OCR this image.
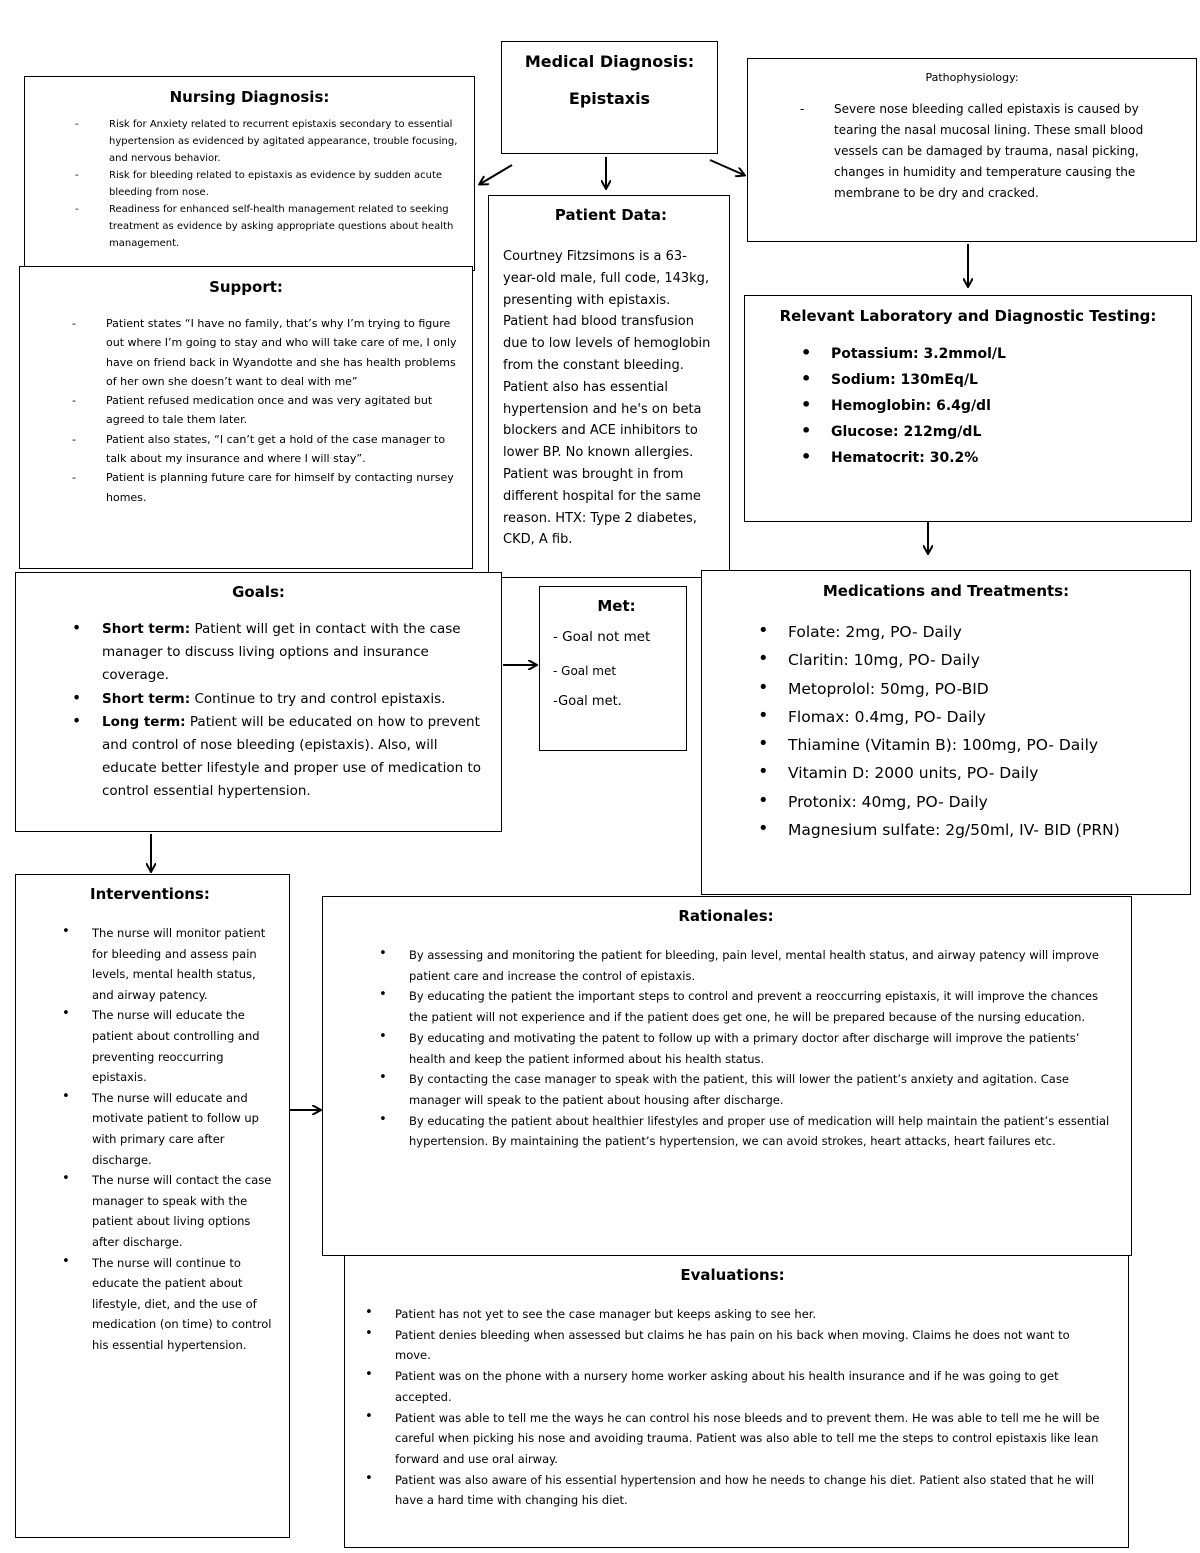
Medical Diagnosis:

Epistaxis

Nursing Diagnosis:

- Risk for Anxiety related to recurrent epistaxis secondary to essential hypertension as evidenced by agitated appearance, trouble focusing, and nervous behavior.
- Risk for bleeding related to epistaxis as evidence by sudden acute bleeding from nose.
- Readiness for enhanced self-health management related to seeking treatment as evidence by asking appropriate questions about health management.

Pathophysiology:

- Severe nose bleeding called epistaxis is caused by tearing the nasal mucosal lining. These small blood vessels can be damaged by trauma, nasal picking, changes in humidity and temperature causing the membrane to be dry and cracked.

Patient Data:

Courtney Fitzsimons is a 63-year-old male, full code, 143kg, presenting with epistaxis. Patient had blood transfusion due to low levels of hemoglobin from the constant bleeding. Patient also has essential hypertension and he's on beta blockers and ACE inhibitors to lower BP. No known allergies. Patient was brought in from different hospital for the same reason. HTX: Type 2 diabetes, CKD, A fib.

Support:

- Patient states “I have no family, that’s why I’m trying to figure out where I’m going to stay and who will take care of me, I only have on friend back in Wyandotte and she has health problems of her own she doesn’t want to deal with me”
- Patient refused medication once and was very agitated but agreed to tale them later.
- Patient also states, “I can’t get a hold of the case manager to talk about my insurance and where I will stay”.
- Patient is planning future care for himself by contacting nursey homes.

Relevant Laboratory and Diagnostic Testing:

• Potassium: 3.2mmol/L
• Sodium: 130mEq/L
• Hemoglobin: 6.4g/dl
• Glucose: 212mg/dL
• Hematocrit: 30.2%

Goals:

• Short term: Patient will get in contact with the case manager to discuss living options and insurance coverage.
• Short term: Continue to try and control epistaxis.
• Long term: Patient will be educated on how to prevent and control of nose bleeding (epistaxis). Also, will educate better lifestyle and proper use of medication to control essential hypertension.

Met:

- Goal not met

- Goal met

-Goal met.

Medications and Treatments:

• Folate: 2mg, PO- Daily
• Claritin: 10mg, PO- Daily
• Metoprolol: 50mg, PO-BID
• Flomax: 0.4mg, PO- Daily
• Thiamine (Vitamin B): 100mg, PO- Daily
• Vitamin D: 2000 units, PO- Daily
• Protonix: 40mg, PO- Daily
• Magnesium sulfate: 2g/50ml, IV- BID (PRN)

Interventions:

• The nurse will monitor patient for bleeding and assess pain levels, mental health status, and airway patency.
• The nurse will educate the patient about controlling and preventing reoccurring epistaxis.
• The nurse will educate and motivate patient to follow up with primary care after discharge.
• The nurse will contact the case manager to speak with the patient about living options after discharge.
• The nurse will continue to educate the patient about lifestyle, diet, and the use of medication (on time) to control his essential hypertension.

Rationales:

• By assessing and monitoring the patient for bleeding, pain level, mental health status, and airway patency will improve patient care and increase the control of epistaxis.
• By educating the patient the important steps to control and prevent a reoccurring epistaxis, it will improve the chances the patient will not experience and if the patient does get one, he will be prepared because of the nursing education.
• By educating and motivating the patent to follow up with a primary doctor after discharge will improve the patients’ health and keep the patient informed about his health status.
• By contacting the case manager to speak with the patient, this will lower the patient’s anxiety and agitation. Case manager will speak to the patient about housing after discharge.
• By educating the patient about healthier lifestyles and proper use of medication will help maintain the patient’s essential hypertension. By maintaining the patient’s hypertension, we can avoid strokes, heart attacks, heart failures etc.

Evaluations:

• Patient has not yet to see the case manager but keeps asking to see her.
• Patient denies bleeding when assessed but claims he has pain on his back when moving. Claims he does not want to move.
• Patient was on the phone with a nursery home worker asking about his health insurance and if he was going to get accepted.
• Patient was able to tell me the ways he can control his nose bleeds and to prevent them. He was able to tell me he will be careful when picking his nose and avoiding trauma. Patient was also able to tell me the steps to control epistaxis like lean forward and use oral airway.
• Patient was also aware of his essential hypertension and how he needs to change his diet. Patient also stated that he will have a hard time with changing his diet.
